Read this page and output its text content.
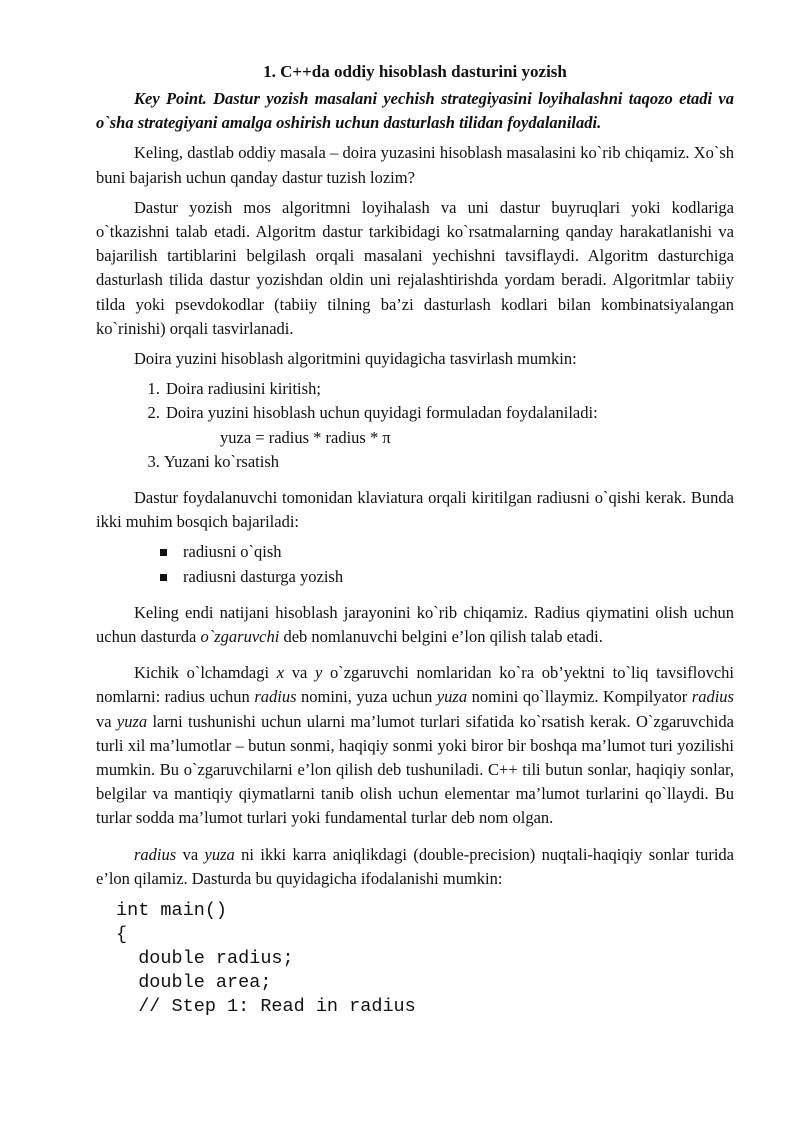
1. C++da oddiy hisoblash dasturini yozish
Key Point. Dastur yozish masalani yechish strategiyasini loyihalashni taqozo etadi va o`sha strategiyani amalga oshirish uchun dasturlash tilidan foydalaniladi.
Keling, dastlab oddiy masala – doira yuzasini hisoblash masalasini ko`rib chiqamiz. Xo`sh buni bajarish uchun qanday dastur tuzish lozim?
Dastur yozish mos algoritmni loyihalash va uni dastur buyruqlari yoki kodlariga o`tkazishni talab etadi. Algoritm dastur tarkibidagi ko`rsatmalarning qanday harakatlanishi va bajarilish tartiblarini belgilash orqali masalani yechishni tavsiflaydi. Algoritm dasturchiga dasturlash tilida dastur yozishdan oldin uni rejalashtirishda yordam beradi. Algoritmlar tabiiy tilda yoki psevdokodlar (tabiiy tilning ba’zi dasturlash kodlari bilan kombinatsiyalangan ko`rinishi) orqali tasvirlanadi.
Doira yuzini hisoblash algoritmini quyidagicha tasvirlash mumkin:
1. Doira radiusini kiritish;
2. Doira yuzini hisoblash uchun quyidagi formuladan foydalaniladi:
yuza = radius * radius * π
3. Yuzani ko`rsatish
Dastur foydalanuvchi tomonidan klaviatura orqali kiritilgan radiusni o`qishi kerak. Bunda ikki muhim bosqich bajariladi:
radiusni o`qish
radiusni dasturga yozish
Keling endi natijani hisoblash jarayonini ko`rib chiqamiz. Radius qiymatini olish uchun uchun dasturda o`zgaruvchi deb nomlanuvchi belgini e’lon qilish talab etadi.
Kichik o`lchamdagi x va y o`zgaruvchi nomlaridan ko`ra ob’yektni to`liq tavsiflovchi nomlarni: radius uchun radius nomini, yuza uchun yuza nomini qo`llaymiz. Kompilyator radius va yuza larni tushunishi uchun ularni ma’lumot turlari sifatida ko`rsatish kerak. O`zgaruvchida turli xil ma’lumotlar – butun sonmi, haqiqiy sonmi yoki biror bir boshqa ma’lumot turi yozilishi mumkin. Bu o`zgaruvchilarni e’lon qilish deb tushuniladi. C++ tili butun sonlar, haqiqiy sonlar, belgilar va mantiqiy qiymatlarni tanib olish uchun elementar ma’lumot turlarini qo`llaydi. Bu turlar sodda ma’lumot turlari yoki fundamental turlar deb nom olgan.
radius va yuza ni ikki karra aniqlikdagi (double-precision) nuqtali-haqiqiy sonlar turida e’lon qilamiz. Dasturda bu quyidagicha ifodalanishi mumkin:
int main()
{
double radius;
double area;
// Step 1: Read in radius
